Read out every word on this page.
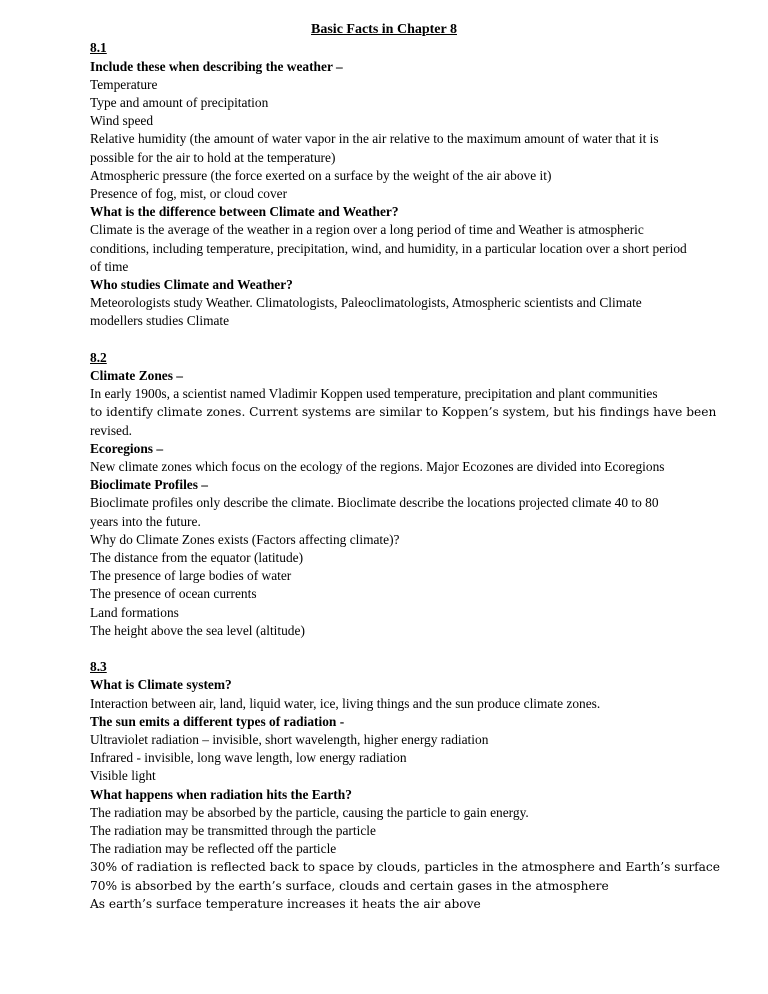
Basic Facts in Chapter 8
8.1
Include these when describing the weather –
Temperature
Type and amount of precipitation
Wind speed
Relative humidity (the amount of water vapor in the air relative to the maximum amount of water that it is possible for the air to hold at the temperature)
Atmospheric pressure (the force exerted on a surface by the weight of the air above it)
Presence of fog, mist, or cloud cover
What is the difference between Climate and Weather?
Climate is the average of the weather in a region over a long period of time and Weather is atmospheric conditions, including temperature, precipitation, wind, and humidity, in a particular location over a short period of time
Who studies Climate and Weather?
Meteorologists study Weather. Climatologists, Paleoclimatologists, Atmospheric scientists and Climate modellers studies Climate
8.2
Climate Zones –
In early 1900s, a scientist named Vladimir Koppen used temperature, precipitation and plant communities
to identify climate zones. Current systems are similar to Koppen’s system, but his findings have been
revised.
Ecoregions –
New climate zones which focus on the ecology of the regions. Major Ecozones are divided into Ecoregions
Bioclimate Profiles –
Bioclimate profiles only describe the climate. Bioclimate describe the locations projected climate 40 to 80 years into the future.
Why do Climate Zones exists (Factors affecting climate)?
The distance from the equator (latitude)
The presence of large bodies of water
The presence of ocean currents
Land formations
The height above the sea level (altitude)
8.3
What is Climate system?
Interaction between air, land, liquid water, ice, living things and the sun produce climate zones.
The sun emits a different types of radiation -
Ultraviolet radiation – invisible, short wavelength, higher energy radiation
Infrared - invisible, long wave length, low energy radiation
Visible light
What happens when radiation hits the Earth?
The radiation may be absorbed by the particle, causing the particle to gain energy.
The radiation may be transmitted through the particle
The radiation may be reflected off the particle
30% of radiation is reflected back to space by clouds, particles in the atmosphere and Earth’s surface
70% is absorbed by the earth’s surface, clouds and certain gases in the atmosphere
As earth’s surface temperature increases it heats the air above
